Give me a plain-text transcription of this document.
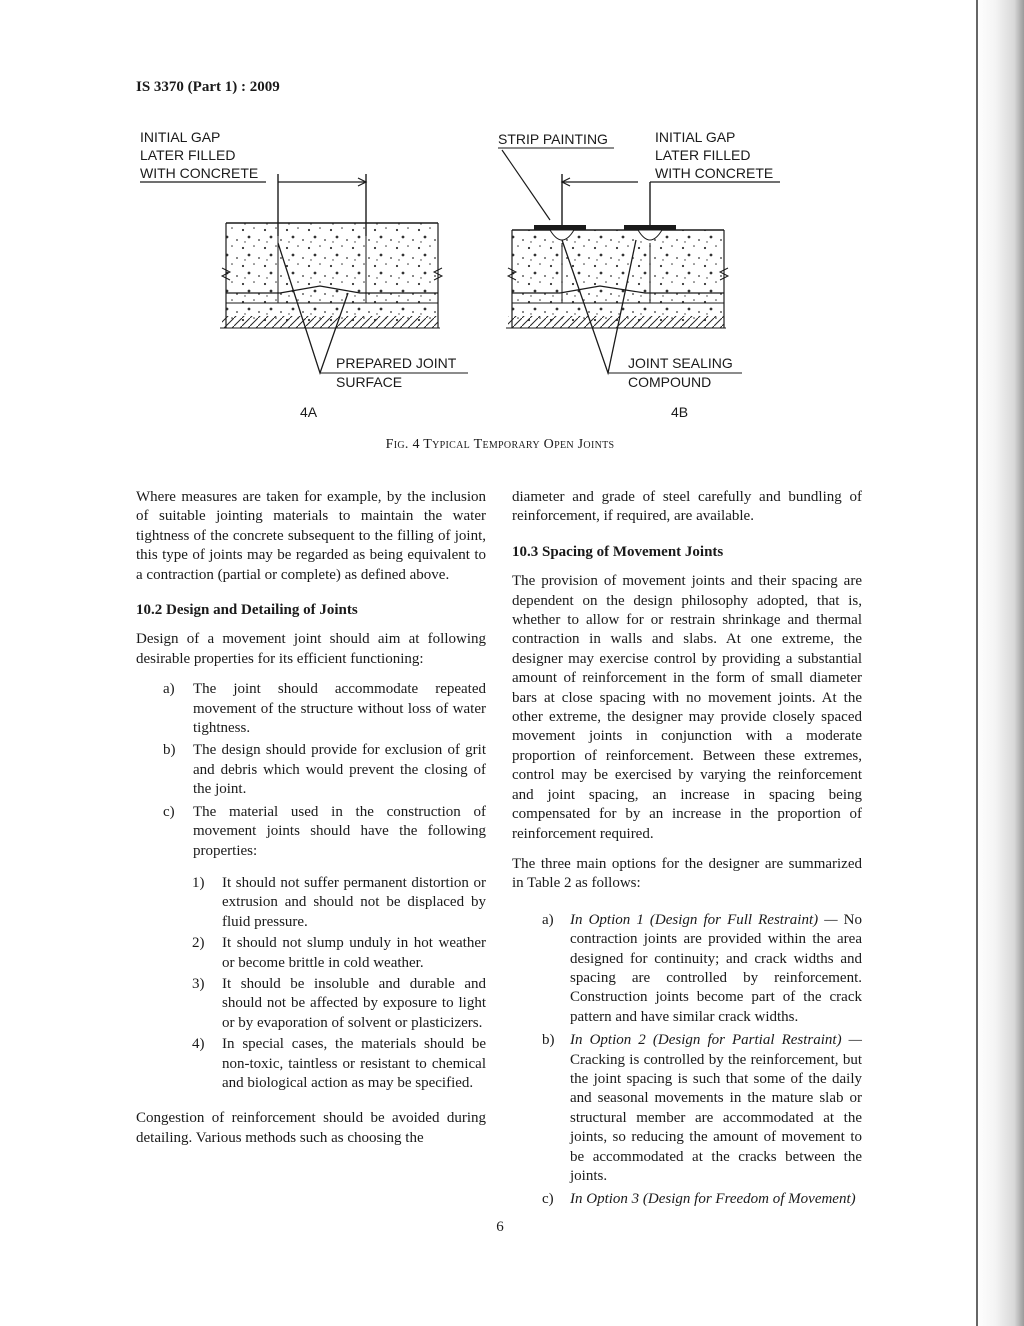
IS 3370 (Part 1) : 2009
INITIAL GAP
LATER FILLED
WITH CONCRETE
PREPARED JOINT
SURFACE
4A
STRIP PAINTING	INITIAL GAP
LATER FILLED
WITH CONCRETE
JOINT SEALING
COMPOUND
4B
Fig. 4 Typical Temporary Open Joints

Where measures are taken for example, by the inclusion of suitable jointing materials to maintain the water tightness of the concrete subsequent to the filling of joint, this type of joints may be regarded as being equivalent to a contraction (partial or complete) as defined above.

10.2 Design and Detailing of Joints

Design of a movement joint should aim at following desirable properties for its efficient functioning:

a) The joint should accommodate repeated movement of the structure without loss of water tightness.
b) The design should provide for exclusion of grit and debris which would prevent the closing of the joint.
c) The material used in the construction of movement joints should have the following properties:
1) It should not suffer permanent distortion or extrusion and should not be displaced by fluid pressure.
2) It should not slump unduly in hot weather or become brittle in cold weather.
3) It should be insoluble and durable and should not be affected by exposure to light or by evaporation of solvent or plasticizers.
4) In special cases, the materials should be non-toxic, taintless or resistant to chemical and biological action as may be specified.

Congestion of reinforcement should be avoided during detailing. Various methods such as choosing the

diameter and grade of steel carefully and bundling of reinforcement, if required, are available.

10.3 Spacing of Movement Joints

The provision of movement joints and their spacing are dependent on the design philosophy adopted, that is, whether to allow for or restrain shrinkage and thermal contraction in walls and slabs. At one extreme, the designer may exercise control by providing a substantial amount of reinforcement in the form of small diameter bars at close spacing with no movement joints. At the other extreme, the designer may provide closely spaced movement joints in conjunction with a moderate proportion of reinforcement. Between these extremes, control may be exercised by varying the reinforcement and joint spacing, an increase in spacing being compensated for by an increase in the proportion of reinforcement required.

The three main options for the designer are summarized in Table 2 as follows:

a) In Option 1 (Design for Full Restraint) — No contraction joints are provided within the area designed for continuity; and crack widths and spacing are controlled by reinforcement. Construction joints become part of the crack pattern and have similar crack widths.
b) In Option 2 (Design for Partial Restraint) — Cracking is controlled by the reinforcement, but the joint spacing is such that some of the daily and seasonal movements in the mature slab or structural member are accommodated at the joints, so reducing the amount of movement to be accommodated at the cracks between the joints.
c) In Option 3 (Design for Freedom of Movement)
6
